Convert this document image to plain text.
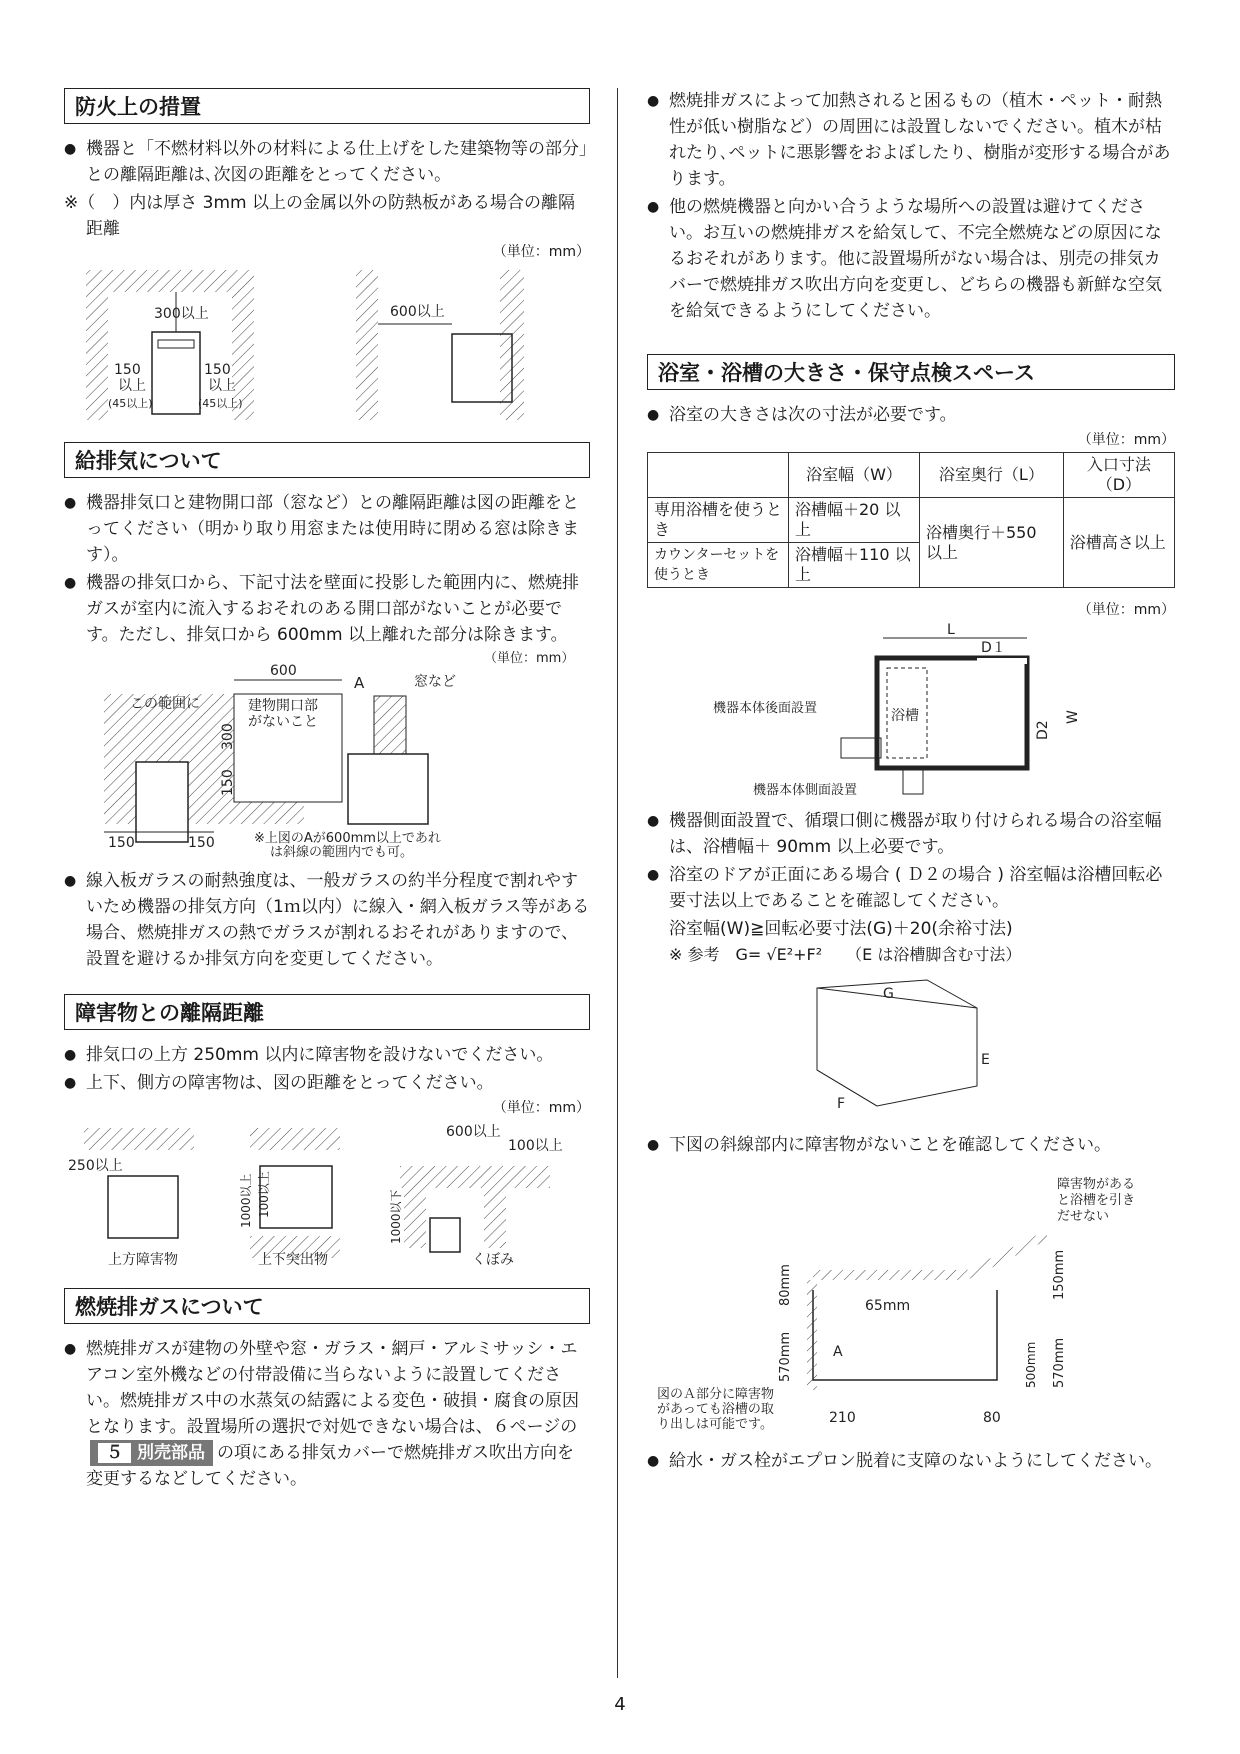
防火上の措置
● 機器と「不燃材料以外の材料による仕上げをした建築物等の部分」との離隔距離は､次図の距離をとってください。
※（　）内は厚さ 3mm 以上の金属以外の防熱板がある場合の離隔距離
（単位：mm）
300以上
150
以上
(45以上)
150
以上
(45以上)
600以上
給排気について
● 機器排気口と建物開口部（窓など）との離隔距離は図の距離をとってください（明かり取り用窓または使用時に閉める窓は除きます）。
● 機器の排気口から、下記寸法を壁面に投影した範囲内に、燃焼排ガスが室内に流入するおそれのある開口部がないことが必要です。ただし、排気口から 600mm 以上離れた部分は除きます。
（単位：mm）
600
窓など
この範囲に	建物開口部
がないこと
300
150
A
150	150	※上図のAが600mm以上であれ
は斜線の範囲内でも可。
● 線入板ガラスの耐熱強度は、一般ガラスの約半分程度で割れやすいため機器の排気方向（1ｍ以内）に線入・網入板ガラス等がある場合、燃焼排ガスの熱でガラスが割れるおそれがありますので、設置を避けるか排気方向を変更してください。
障害物との離隔距離
● 排気口の上方 250mm 以内に障害物を設けないでください。
● 上下、側方の障害物は、図の距離をとってください。
（単位：mm）
250以上
上方障害物
1000以上 100以上
上下突出物
600以上
100以上
1000以下
くぼみ
燃焼排ガスについて
● 燃焼排ガスが建物の外壁や窓・ガラス・網戸・アルミサッシ・エアコン室外機などの付帯設備に当らないように設置してください。燃焼排ガス中の水蒸気の結露による変色・破損・腐食の原因となります。設置場所の選択で対処できない場合は、６ページの５ 別売部品 の項にある排気カバーで燃焼排ガス吹出方向を変更するなどしてください。
● 燃焼排ガスによって加熱されると困るもの（植木・ペット・耐熱性が低い樹脂など）の周囲には設置しないでください。植木が枯れたり､ペットに悪影響をおよぼしたり、樹脂が変形する場合があります。
● 他の燃焼機器と向かい合うような場所への設置は避けてください。お互いの燃焼排ガスを給気して、不完全燃焼などの原因になるおそれがあります。他に設置場所がない場合は、別売の排気カバーで燃焼排ガス吹出方向を変更し、どちらの機器も新鮮な空気を給気できるようにしてください。
浴室・浴槽の大きさ・保守点検スペース
● 浴室の大きさは次の寸法が必要です。
（単位：mm）
	浴室幅（W）	浴室奥行（L）	入口寸法（D）
専用浴槽を使うとき	浴槽幅＋20 以上	浴槽奥行＋550 以上	浴槽高さ以上
カウンターセットを使うとき	浴槽幅＋110 以上		
（単位：mm）
浴槽
L
D１
D2
W
機器本体後面設置
機器本体側面設置
● 機器側面設置で、循環口側に機器が取り付けられる場合の浴室幅は、浴槽幅＋ 90mm 以上必要です。
● 浴室のドアが正面にある場合 ( Ｄ２の場合 ) 浴室幅は浴槽回転必要寸法以上であることを確認してください。
浴室幅(W)≧回転必要寸法(G)＋20(余裕寸法)
※ 参考　G= √E²+F²　　（E は浴槽脚含む寸法）
G
E
F
● 下図の斜線部内に障害物がないことを確認してください。
障害物がある
と浴槽を引き
だせない
80mm
570mm
65mm
A
150mm
500mm 570mm
図のＡ部分に障害物
があっても浴槽の取
り出しは可能です。	210	80
● 給水・ガス栓がエプロン脱着に支障のないようにしてください。
4
